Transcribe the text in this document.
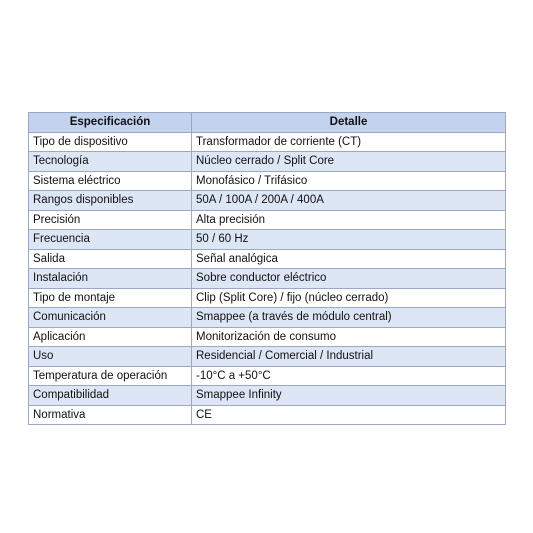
Especificación	Detalle
Tipo de dispositivo	Transformador de corriente (CT)
Tecnología	Núcleo cerrado / Split Core
Sistema eléctrico	Monofásico / Trifásico
Rangos disponibles	50A / 100A / 200A / 400A
Precisión	Alta precisión
Frecuencia	50 / 60 Hz
Salida	Señal analógica
Instalación	Sobre conductor eléctrico
Tipo de montaje	Clip (Split Core) / fijo (núcleo cerrado)
Comunicación	Smappee (a través de módulo central)
Aplicación	Monitorización de consumo
Uso	Residencial / Comercial / Industrial
Temperatura de operación	-10°C a +50°C
Compatibilidad	Smappee Infinity
Normativa	CE
